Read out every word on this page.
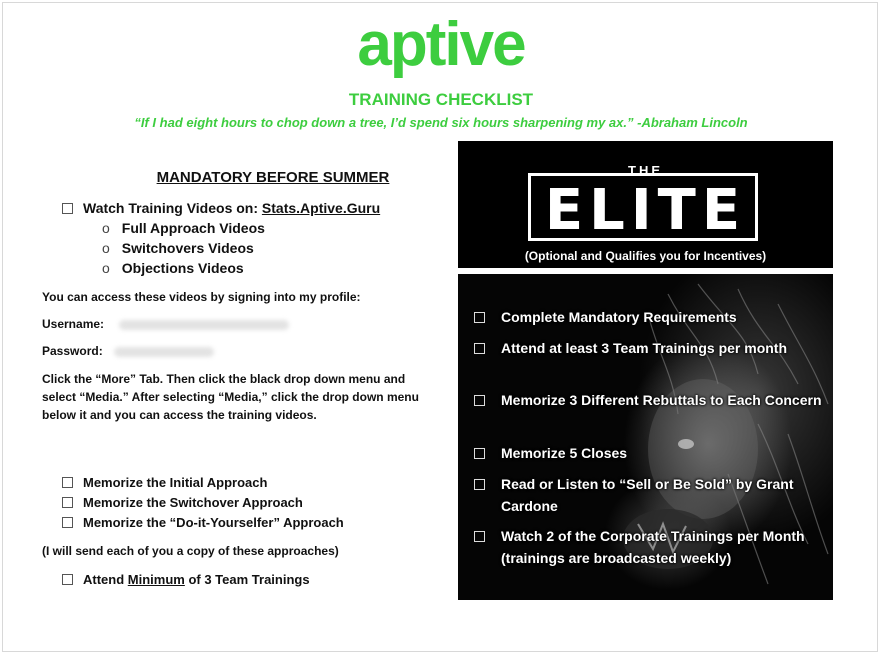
aptive
TRAINING CHECKLIST
“If I had eight hours to chop down a tree, I’d spend six hours sharpening my ax.” -Abraham Lincoln
MANDATORY BEFORE SUMMER
Watch Training Videos on: Stats.Aptive.Guru
o Full Approach Videos
o Switchovers Videos
o Objections Videos
You can access these videos by signing into my profile:
Username:
Password:
Click the “More” Tab. Then click the black drop down menu and select “Media.” After selecting “Media,” click the drop down menu below it and you can access the training videos.
Memorize the Initial Approach
Memorize the Switchover Approach
Memorize the “Do-it-Yourselfer” Approach
(I will send each of you a copy of these approaches)
Attend Minimum of 3 Team Trainings
THE
ELITE
(Optional and Qualifies you for Incentives)
Complete Mandatory Requirements
Attend at least 3 Team Trainings per month
Memorize 3 Different Rebuttals to Each Concern
Memorize 5 Closes
Read or Listen to “Sell or Be Sold” by Grant Cardone
Watch 2 of the Corporate Trainings per Month (trainings are broadcasted weekly)
